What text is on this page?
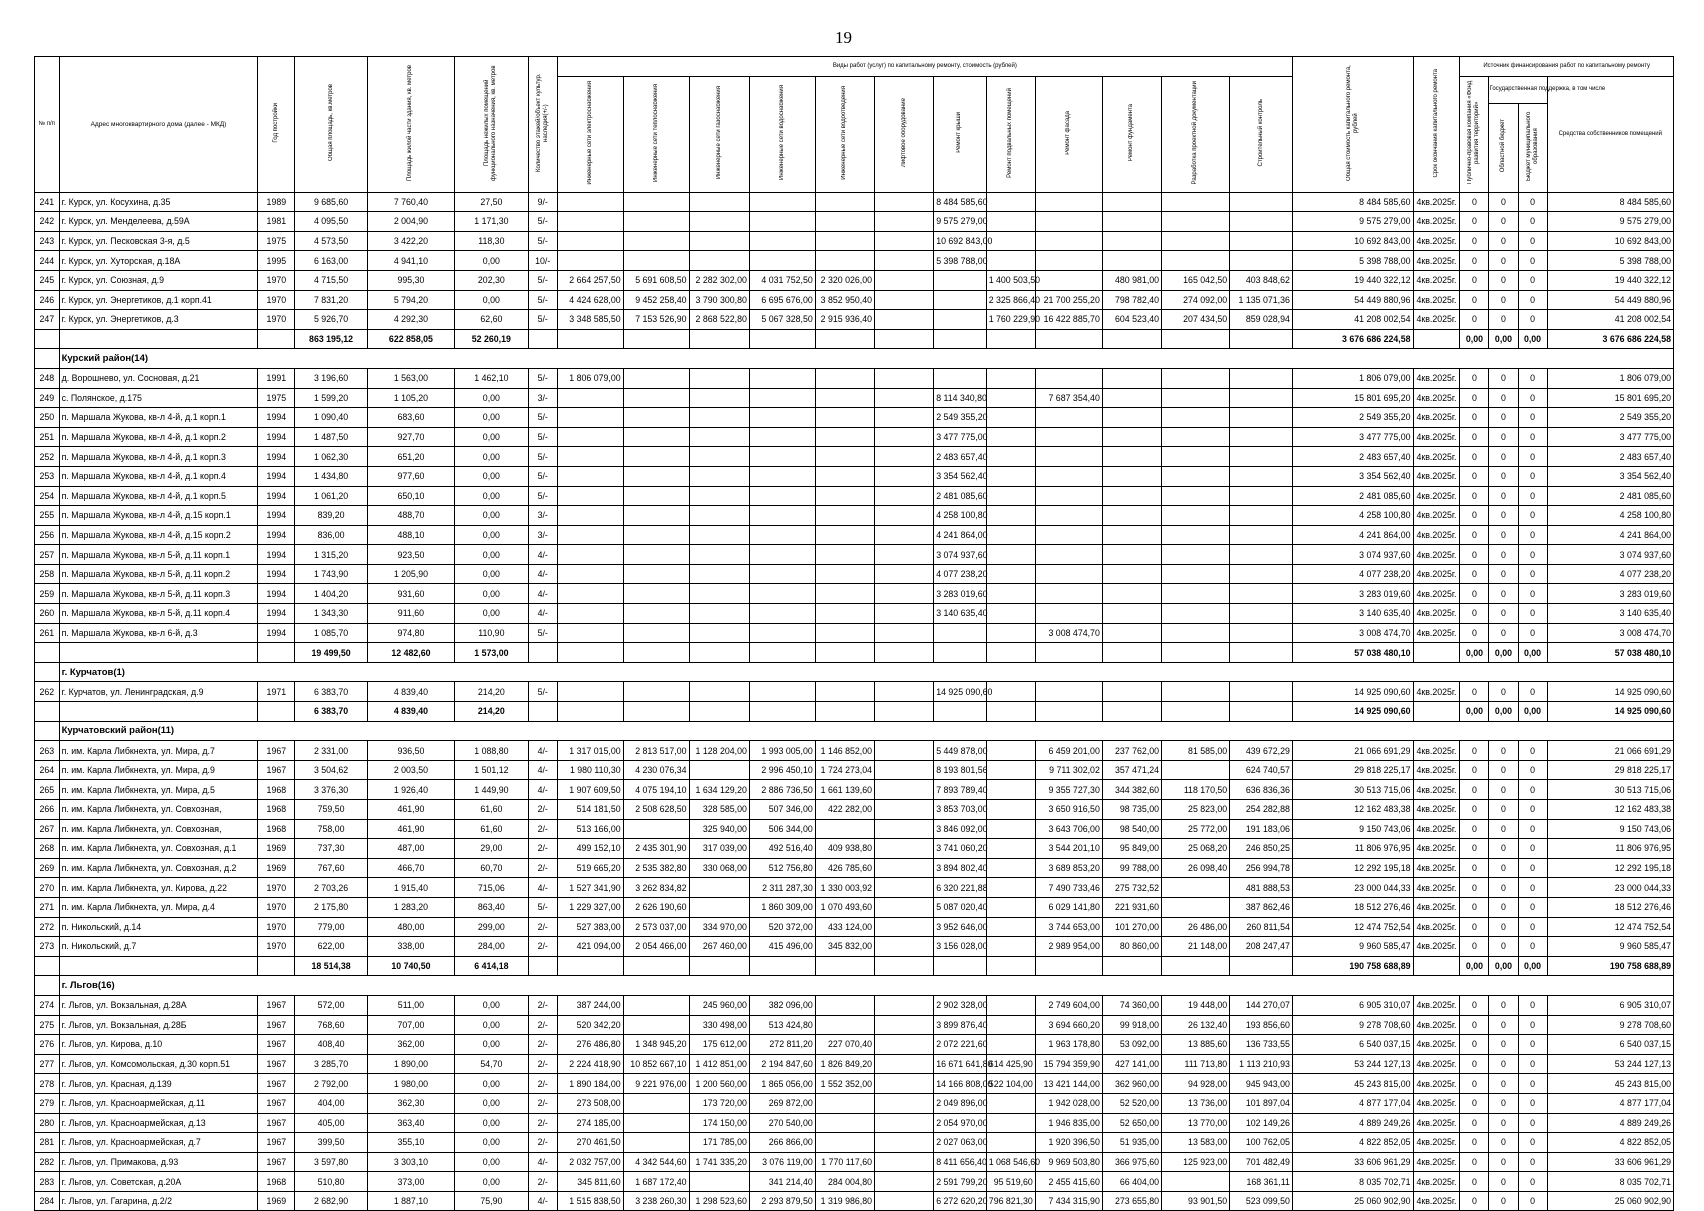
19
№ п/п	Адрес многоквартирного дома (далее - МКД)	Год постройки	Общая площадь, кв.метров	Площадь жилой части здания, кв. метров	Площадь нежилых помещений функционального назначения, кв. метров	Количество этажей/объект культур. наследия(+/-)	Виды работ (услуг) по капитальному ремонту, стоимость (рублей)												Общая стоимость капитального ремонта, рублей	Срок окончания капитального ремонта	Источник финансирования работ по капитальному ремонту			
							Инженерные сети электроснабжения	Инженерные сети теплоснабжения	Инженерные сети газоснабжения	Инженерные сети водоснабжения	Инженерные сети водоотведения	Лифтовое оборудование	Ремонт крыши	Ремонт подвальных помещений	Ремонт фасада	Ремонт фундамента	Разработка проектной документации	Строительный контроль			Публично-правовая компания «Фонд развития территорий»	Государственная поддержка, в том числе		Средства собственников помещений
																						Областной бюджет	Бюджет муниципального образования	
241	г. Курск, ул. Косухина, д.35	1989	9 685,60	7 760,40	27,50	9/-							8 484 585,60						8 484 585,60	4кв.2025г.	0	0	0	8 484 585,60
242	г. Курск, ул. Менделеева, д.59А	1981	4 095,50	2 004,90	1 171,30	5/-							9 575 279,00						9 575 279,00	4кв.2025г.	0	0	0	9 575 279,00
243	г. Курск, ул. Песковская 3-я, д.5	1975	4 573,50	3 422,20	118,30	5/-							10 692 843,00						10 692 843,00	4кв.2025г.	0	0	0	10 692 843,00
244	г. Курск, ул. Хуторская, д.18А	1995	6 163,00	4 941,10	0,00	10/-							5 398 788,00						5 398 788,00	4кв.2025г.	0	0	0	5 398 788,00
245	г. Курск, ул. Союзная, д.9	1970	4 715,50	995,30	202,30	5/-	2 664 257,50	5 691 608,50	2 282 302,00	4 031 752,50	2 320 026,00			1 400 503,50		480 981,00	165 042,50	403 848,62	19 440 322,12	4кв.2025г.	0	0	0	19 440 322,12
246	г. Курск, ул. Энергетиков, д.1 корп.41	1970	7 831,20	5 794,20	0,00	5/-	4 424 628,00	9 452 258,40	3 790 300,80	6 695 676,00	3 852 950,40			2 325 866,40	21 700 255,20	798 782,40	274 092,00	1 135 071,36	54 449 880,96	4кв.2025г.	0	0	0	54 449 880,96
247	г. Курск, ул. Энергетиков, д.3	1970	5 926,70	4 292,30	62,60	5/-	3 348 585,50	7 153 526,90	2 868 522,80	5 067 328,50	2 915 936,40			1 760 229,90	16 422 885,70	604 523,40	207 434,50	859 028,94	41 208 002,54	4кв.2025г.	0	0	0	41 208 002,54
			863 195,12	622 858,05	52 260,19														3 676 686 224,58		0,00	0,00	0,00	3 676 686 224,58
	Курский район(14)																							
248	д. Ворошнево, ул. Сосновая, д.21	1991	3 196,60	1 563,00	1 462,10	5/-	1 806 079,00												1 806 079,00	4кв.2025г.	0	0	0	1 806 079,00
249	с. Полянское, д.175	1975	1 599,20	1 105,20	0,00	3/-							8 114 340,80		7 687 354,40				15 801 695,20	4кв.2025г.	0	0	0	15 801 695,20
250	п. Маршала Жукова, кв-л 4-й, д.1 корп.1	1994	1 090,40	683,60	0,00	5/-							2 549 355,20						2 549 355,20	4кв.2025г.	0	0	0	2 549 355,20
251	п. Маршала Жукова, кв-л 4-й, д.1 корп.2	1994	1 487,50	927,70	0,00	5/-							3 477 775,00						3 477 775,00	4кв.2025г.	0	0	0	3 477 775,00
252	п. Маршала Жукова, кв-л 4-й, д.1 корп.3	1994	1 062,30	651,20	0,00	5/-							2 483 657,40						2 483 657,40	4кв.2025г.	0	0	0	2 483 657,40
253	п. Маршала Жукова, кв-л 4-й, д.1 корп.4	1994	1 434,80	977,60	0,00	5/-							3 354 562,40						3 354 562,40	4кв.2025г.	0	0	0	3 354 562,40
254	п. Маршала Жукова, кв-л 4-й, д.1 корп.5	1994	1 061,20	650,10	0,00	5/-							2 481 085,60						2 481 085,60	4кв.2025г.	0	0	0	2 481 085,60
255	п. Маршала Жукова, кв-л 4-й, д.15 корп.1	1994	839,20	488,70	0,00	3/-							4 258 100,80						4 258 100,80	4кв.2025г.	0	0	0	4 258 100,80
256	п. Маршала Жукова, кв-л 4-й, д.15 корп.2	1994	836,00	488,10	0,00	3/-							4 241 864,00						4 241 864,00	4кв.2025г.	0	0	0	4 241 864,00
257	п. Маршала Жукова, кв-л 5-й, д.11 корп.1	1994	1 315,20	923,50	0,00	4/-							3 074 937,60						3 074 937,60	4кв.2025г.	0	0	0	3 074 937,60
258	п. Маршала Жукова, кв-л 5-й, д.11 корп.2	1994	1 743,90	1 205,90	0,00	4/-							4 077 238,20						4 077 238,20	4кв.2025г.	0	0	0	4 077 238,20
259	п. Маршала Жукова, кв-л 5-й, д.11 корп.3	1994	1 404,20	931,60	0,00	4/-							3 283 019,60						3 283 019,60	4кв.2025г.	0	0	0	3 283 019,60
260	п. Маршала Жукова, кв-л 5-й, д.11 корп.4	1994	1 343,30	911,60	0,00	4/-							3 140 635,40						3 140 635,40	4кв.2025г.	0	0	0	3 140 635,40
261	п. Маршала Жукова, кв-л 6-й, д.3	1994	1 085,70	974,80	110,90	5/-									3 008 474,70				3 008 474,70	4кв.2025г.	0	0	0	3 008 474,70
			19 499,50	12 482,60	1 573,00														57 038 480,10		0,00	0,00	0,00	57 038 480,10
	г. Курчатов(1)																							
262	г. Курчатов, ул. Ленинградская, д.9	1971	6 383,70	4 839,40	214,20	5/-							14 925 090,60						14 925 090,60	4кв.2025г.	0	0	0	14 925 090,60
			6 383,70	4 839,40	214,20														14 925 090,60		0,00	0,00	0,00	14 925 090,60
	Курчатовский район(11)																							
263	п. им. Карла Либкнехта, ул. Мира, д.7	1967	2 331,00	936,50	1 088,80	4/-	1 317 015,00	2 813 517,00	1 128 204,00	1 993 005,00	1 146 852,00		5 449 878,00		6 459 201,00	237 762,00	81 585,00	439 672,29	21 066 691,29	4кв.2025г.	0	0	0	21 066 691,29
264	п. им. Карла Либкнехта, ул. Мира, д.9	1967	3 504,62	2 003,50	1 501,12	4/-	1 980 110,30	4 230 076,34		2 996 450,10	1 724 273,04		8 193 801,56		9 711 302,02	357 471,24		624 740,57	29 818 225,17	4кв.2025г.	0	0	0	29 818 225,17
265	п. им. Карла Либкнехта, ул. Мира, д.5	1968	3 376,30	1 926,40	1 449,90	4/-	1 907 609,50	4 075 194,10	1 634 129,20	2 886 736,50	1 661 139,60		7 893 789,40		9 355 727,30	344 382,60	118 170,50	636 836,36	30 513 715,06	4кв.2025г.	0	0	0	30 513 715,06
266	п. им. Карла Либкнехта, ул. Совхозная,	1968	759,50	461,90	61,60	2/-	514 181,50	2 508 628,50	328 585,00	507 346,00	422 282,00		3 853 703,00		3 650 916,50	98 735,00	25 823,00	254 282,88	12 162 483,38	4кв.2025г.	0	0	0	12 162 483,38
267	п. им. Карла Либкнехта, ул. Совхозная,	1968	758,00	461,90	61,60	2/-	513 166,00		325 940,00	506 344,00			3 846 092,00		3 643 706,00	98 540,00	25 772,00	191 183,06	9 150 743,06	4кв.2025г.	0	0	0	9 150 743,06
268	п. им. Карла Либкнехта, ул. Совхозная, д.1	1969	737,30	487,00	29,00	2/-	499 152,10	2 435 301,90	317 039,00	492 516,40	409 938,80		3 741 060,20		3 544 201,10	95 849,00	25 068,20	246 850,25	11 806 976,95	4кв.2025г.	0	0	0	11 806 976,95
269	п. им. Карла Либкнехта, ул. Совхозная, д.2	1969	767,60	466,70	60,70	2/-	519 665,20	2 535 382,80	330 068,00	512 756,80	426 785,60		3 894 802,40		3 689 853,20	99 788,00	26 098,40	256 994,78	12 292 195,18	4кв.2025г.	0	0	0	12 292 195,18
270	п. им. Карла Либкнехта, ул. Кирова, д.22	1970	2 703,26	1 915,40	715,06	4/-	1 527 341,90	3 262 834,82		2 311 287,30	1 330 003,92		6 320 221,88		7 490 733,46	275 732,52		481 888,53	23 000 044,33	4кв.2025г.	0	0	0	23 000 044,33
271	п. им. Карла Либкнехта, ул. Мира, д.4	1970	2 175,80	1 283,20	863,40	5/-	1 229 327,00	2 626 190,60		1 860 309,00	1 070 493,60		5 087 020,40		6 029 141,80	221 931,60		387 862,46	18 512 276,46	4кв.2025г.	0	0	0	18 512 276,46
272	п. Никольский, д.14	1970	779,00	480,00	299,00	2/-	527 383,00	2 573 037,00	334 970,00	520 372,00	433 124,00		3 952 646,00		3 744 653,00	101 270,00	26 486,00	260 811,54	12 474 752,54	4кв.2025г.	0	0	0	12 474 752,54
273	п. Никольский, д.7	1970	622,00	338,00	284,00	2/-	421 094,00	2 054 466,00	267 460,00	415 496,00	345 832,00		3 156 028,00		2 989 954,00	80 860,00	21 148,00	208 247,47	9 960 585,47	4кв.2025г.	0	0	0	9 960 585,47
			18 514,38	10 740,50	6 414,18														190 758 688,89		0,00	0,00	0,00	190 758 688,89
	г. Льгов(16)																							
274	г. Льгов, ул. Вокзальная, д.28А	1967	572,00	511,00	0,00	2/-	387 244,00		245 960,00	382 096,00			2 902 328,00		2 749 604,00	74 360,00	19 448,00	144 270,07	6 905 310,07	4кв.2025г.	0	0	0	6 905 310,07
275	г. Льгов, ул. Вокзальная, д.28Б	1967	768,60	707,00	0,00	2/-	520 342,20		330 498,00	513 424,80			3 899 876,40		3 694 660,20	99 918,00	26 132,40	193 856,60	9 278 708,60	4кв.2025г.	0	0	0	9 278 708,60
276	г. Льгов, ул. Кирова, д.10	1967	408,40	362,00	0,00	2/-	276 486,80	1 348 945,20	175 612,00	272 811,20	227 070,40		2 072 221,60		1 963 178,80	53 092,00	13 885,60	136 733,55	6 540 037,15	4кв.2025г.	0	0	0	6 540 037,15
277	г. Льгов, ул. Комсомольская, д.30 корп.51	1967	3 285,70	1 890,00	54,70	2/-	2 224 418,90	10 852 667,10	1 412 851,00	2 194 847,60	1 826 849,20		16 671 641,80	614 425,90	15 794 359,90	427 141,00	111 713,80	1 113 210,93	53 244 127,13	4кв.2025г.	0	0	0	53 244 127,13
278	г. Льгов, ул. Красная, д.139	1967	2 792,00	1 980,00	0,00	2/-	1 890 184,00	9 221 976,00	1 200 560,00	1 865 056,00	1 552 352,00		14 166 808,00	522 104,00	13 421 144,00	362 960,00	94 928,00	945 943,00	45 243 815,00	4кв.2025г.	0	0	0	45 243 815,00
279	г. Льгов, ул. Красноармейская, д.11	1967	404,00	362,30	0,00	2/-	273 508,00		173 720,00	269 872,00			2 049 896,00		1 942 028,00	52 520,00	13 736,00	101 897,04	4 877 177,04	4кв.2025г.	0	0	0	4 877 177,04
280	г. Льгов, ул. Красноармейская, д.13	1967	405,00	363,40	0,00	2/-	274 185,00		174 150,00	270 540,00			2 054 970,00		1 946 835,00	52 650,00	13 770,00	102 149,26	4 889 249,26	4кв.2025г.	0	0	0	4 889 249,26
281	г. Льгов, ул. Красноармейская, д.7	1967	399,50	355,10	0,00	2/-	270 461,50		171 785,00	266 866,00			2 027 063,00		1 920 396,50	51 935,00	13 583,00	100 762,05	4 822 852,05	4кв.2025г.	0	0	0	4 822 852,05
282	г. Льгов, ул. Примакова, д.93	1967	3 597,80	3 303,10	0,00	4/-	2 032 757,00	4 342 544,60	1 741 335,20	3 076 119,00	1 770 117,60		8 411 656,40	1 068 546,60	9 969 503,80	366 975,60	125 923,00	701 482,49	33 606 961,29	4кв.2025г.	0	0	0	33 606 961,29
283	г. Льгов, ул. Советская, д.20А	1968	510,80	373,00	0,00	2/-	345 811,60	1 687 172,40		341 214,40	284 004,80		2 591 799,20	95 519,60	2 455 415,60	66 404,00		168 361,11	8 035 702,71	4кв.2025г.	0	0	0	8 035 702,71
284	г. Льгов, ул. Гагарина, д.2/2	1969	2 682,90	1 887,10	75,90	4/-	1 515 838,50	3 238 260,30	1 298 523,60	2 293 879,50	1 319 986,80		6 272 620,20	796 821,30	7 434 315,90	273 655,80	93 901,50	523 099,50	25 060 902,90	4кв.2025г.	0	0	0	25 060 902,90
